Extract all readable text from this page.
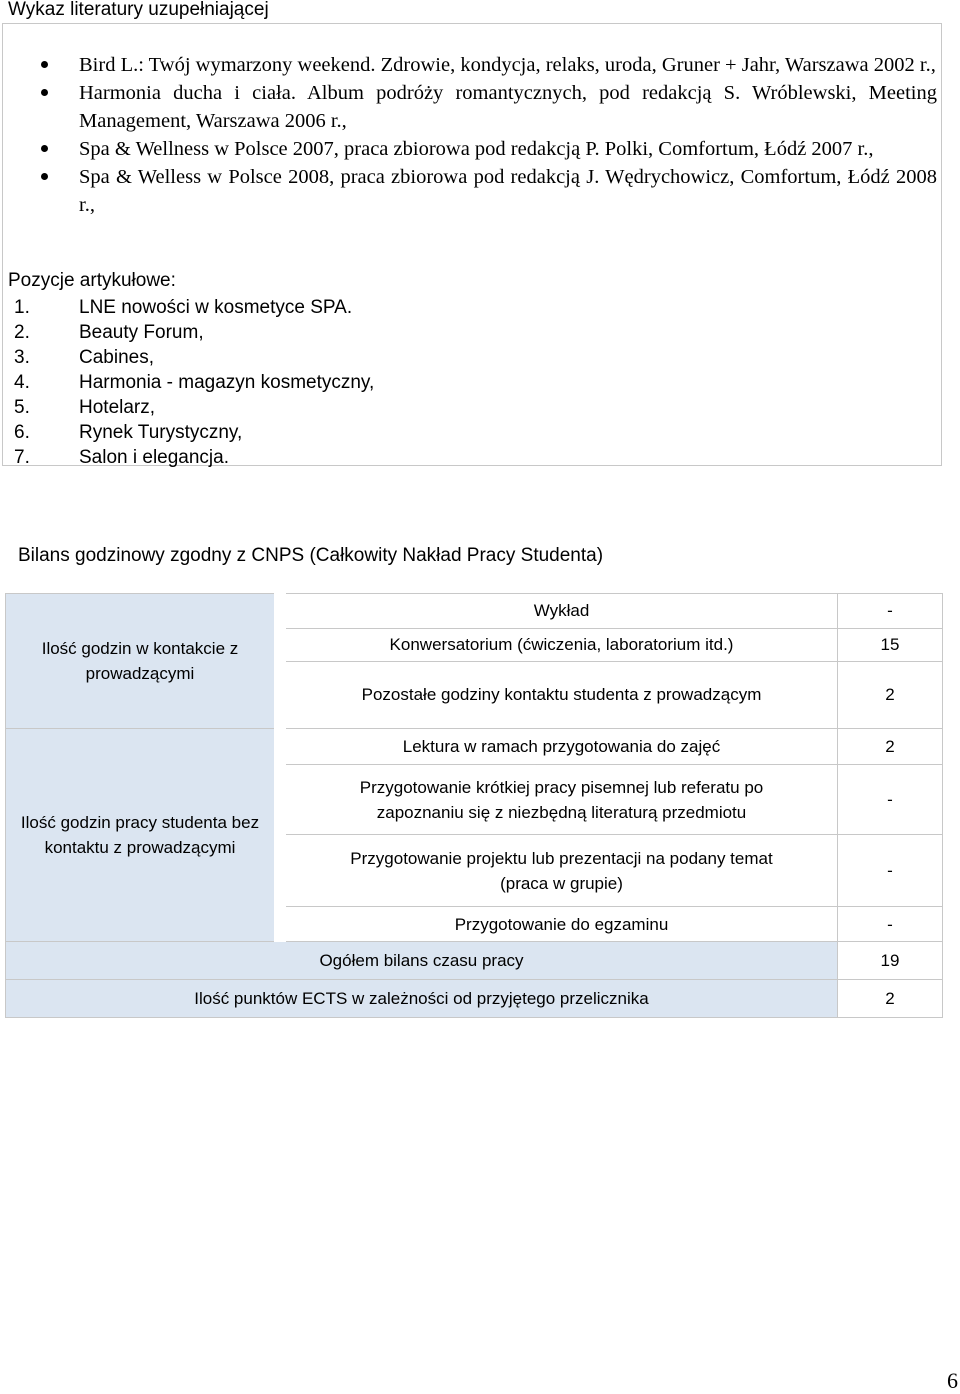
Wykaz literatury uzupełniającej
Bird L.: Twój wymarzony weekend. Zdrowie, kondycja, relaks, uroda, Gruner + Jahr, Warszawa 2002 r.,
Harmonia ducha i ciała. Album podróży romantycznych, pod redakcją S. Wróblewski, Meeting Management, Warszawa 2006 r.,
Spa & Wellness w Polsce 2007, praca zbiorowa pod redakcją P. Polki, Comfortum, Łódź 2007 r.,
Spa & Welless w Polsce 2008, praca zbiorowa pod redakcją J. Wędrychowicz, Comfortum, Łódź 2008 r.,
Pozycje artykułowe:
1.	LNE nowości w kosmetyce SPA.
2.	Beauty Forum,
3.	Cabines,
4.	Harmonia - magazyn kosmetyczny,
5.	Hotelarz,
6.	Rynek Turystyczny,
7.	Salon i elegancja.
Bilans godzinowy zgodny z CNPS (Całkowity Nakład Pracy Studenta)
Ilość godzin w kontakcie z prowadzącymi	Wykład	-
	Konwersatorium (ćwiczenia, laboratorium itd.)	15
	Pozostałe godziny kontaktu studenta z prowadzącym	2
Ilość godzin pracy studenta bez kontaktu z prowadzącymi	Lektura w ramach przygotowania do zajęć	2
	Przygotowanie krótkiej pracy pisemnej lub referatu po zapoznaniu się z niezbędną literaturą przedmiotu	-
	Przygotowanie projektu lub prezentacji na podany temat (praca w grupie)	-
	Przygotowanie do egzaminu	-
Ogółem bilans czasu pracy		19
Ilość punktów ECTS w zależności od przyjętego przelicznika		2
6
